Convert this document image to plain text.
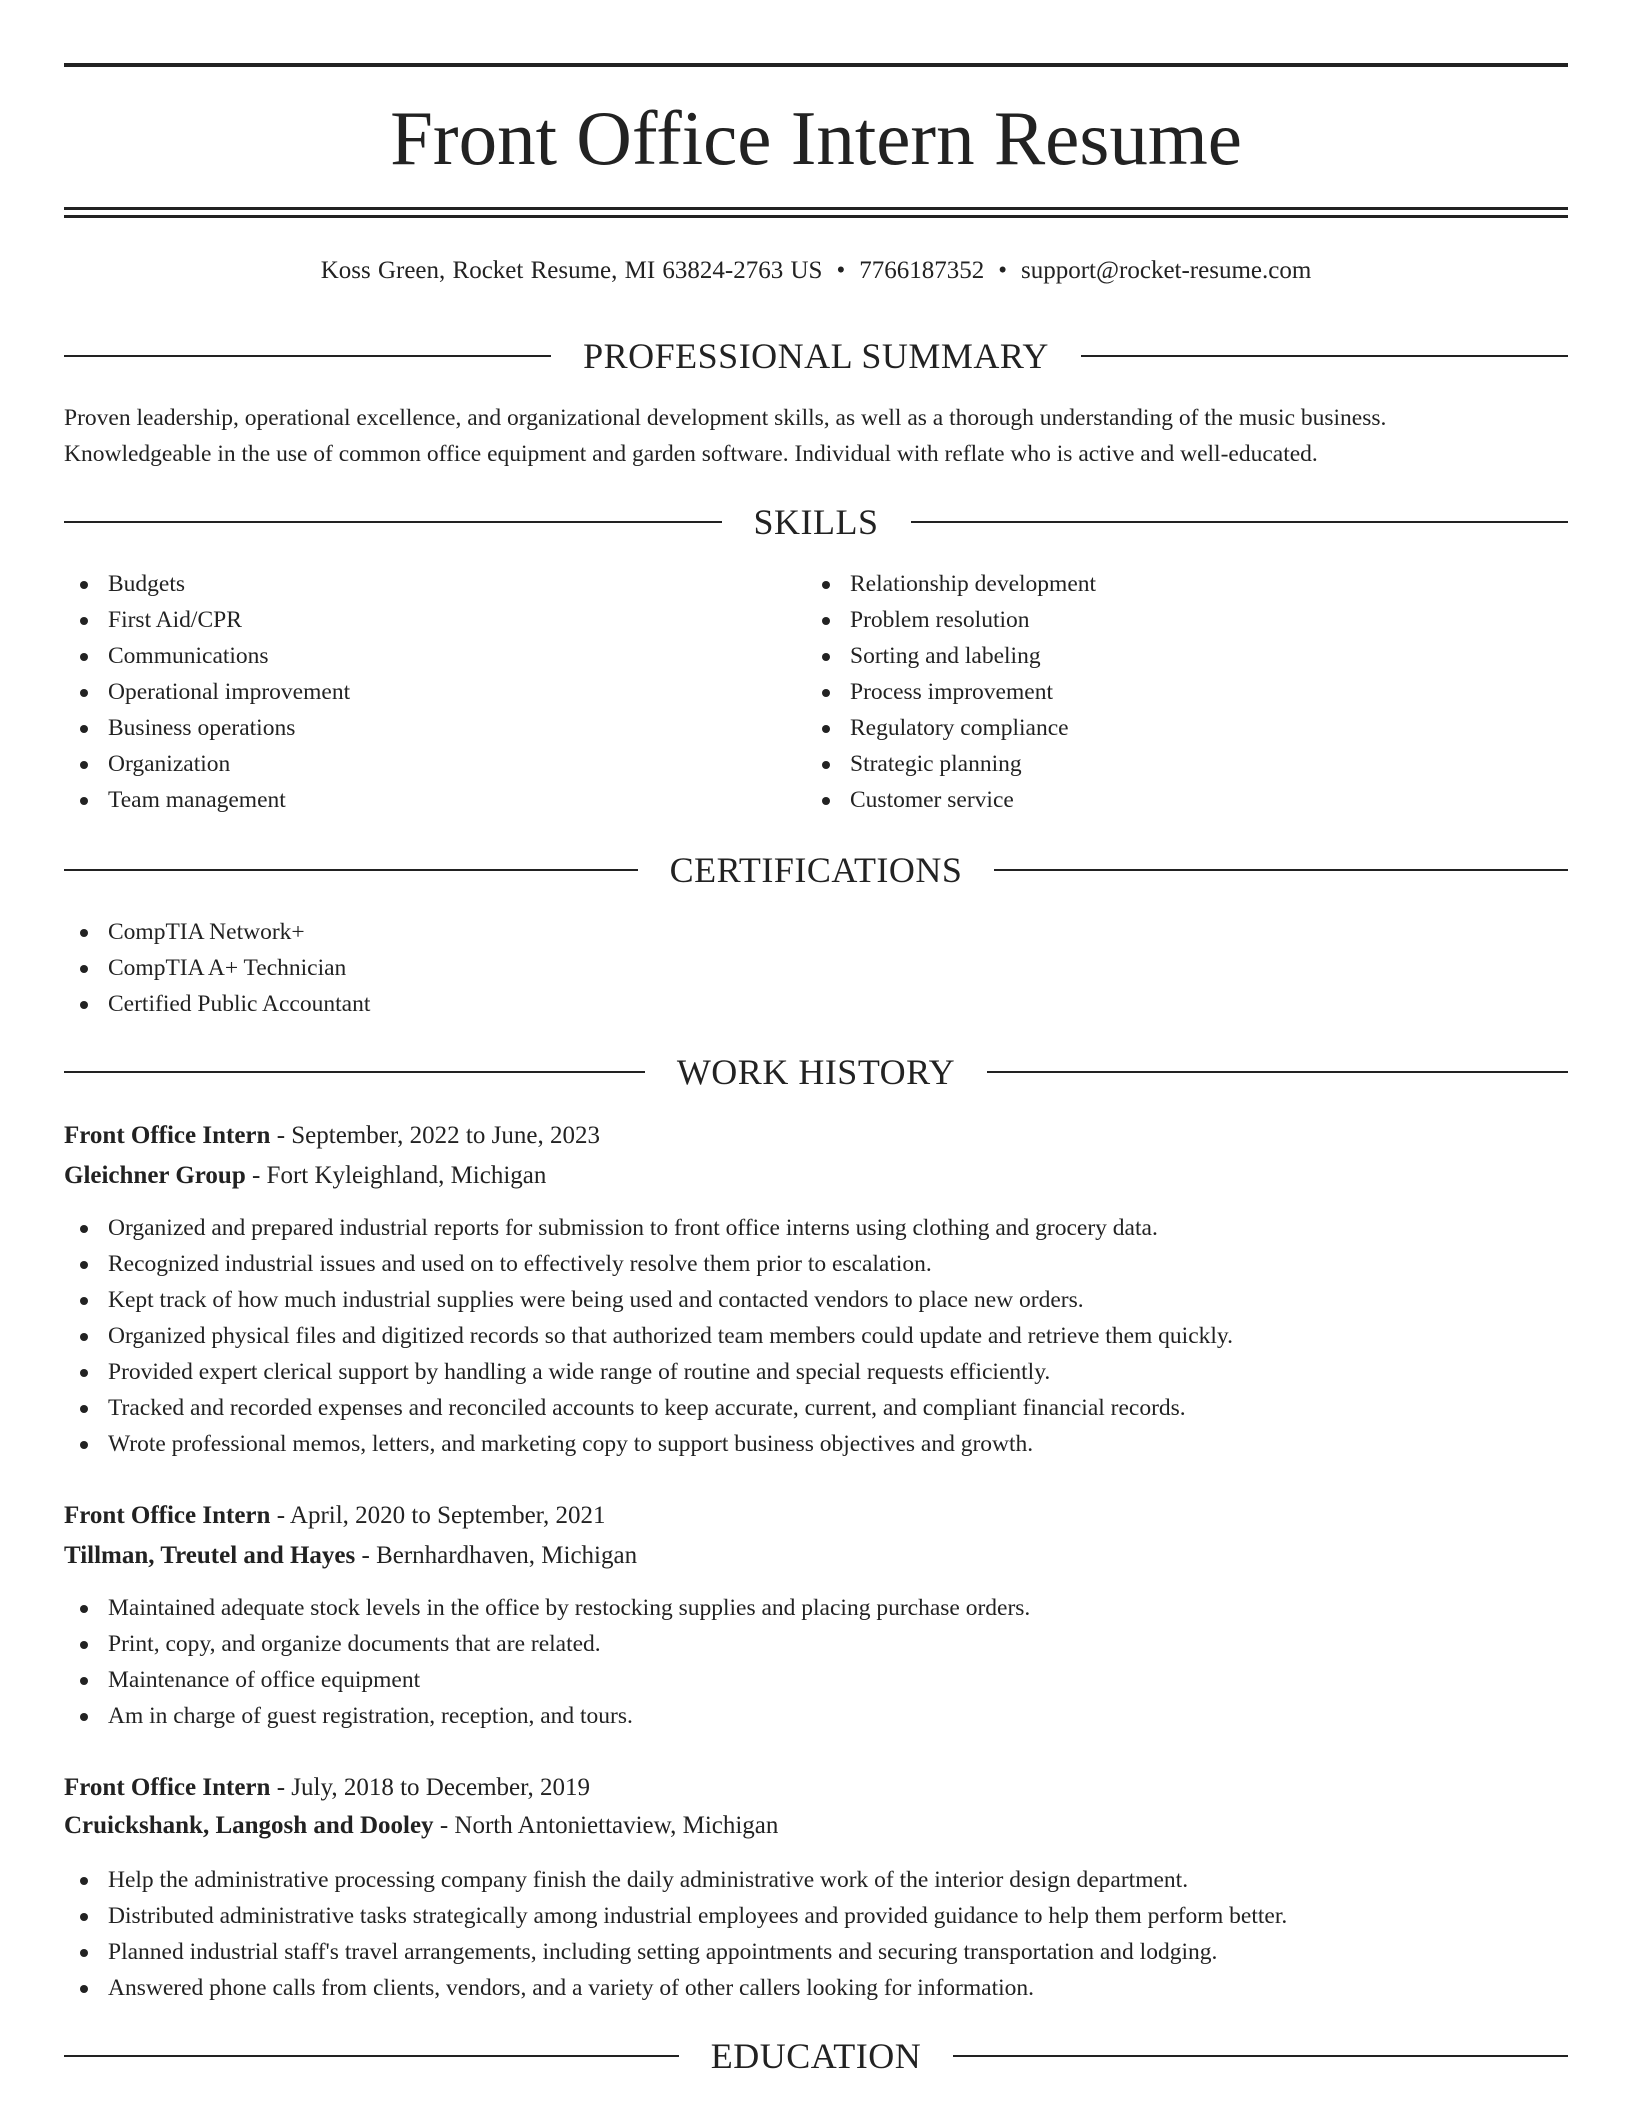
Front Office Intern Resume
Koss Green, Rocket Resume, MI 63824-2763 US • 7766187352 • support@rocket-resume.com
PROFESSIONAL SUMMARY
Proven leadership, operational excellence, and organizational development skills, as well as a thorough understanding of the music business.
Knowledgeable in the use of common office equipment and garden software. Individual with reflate who is active and well-educated.
SKILLS
Budgets
First Aid/CPR
Communications
Operational improvement
Business operations
Organization
Team management
Relationship development
Problem resolution
Sorting and labeling
Process improvement
Regulatory compliance
Strategic planning
Customer service
CERTIFICATIONS
CompTIA Network+
CompTIA A+ Technician
Certified Public Accountant
WORK HISTORY
Front Office Intern - September, 2022 to June, 2023
Gleichner Group - Fort Kyleighland, Michigan
Organized and prepared industrial reports for submission to front office interns using clothing and grocery data.
Recognized industrial issues and used on to effectively resolve them prior to escalation.
Kept track of how much industrial supplies were being used and contacted vendors to place new orders.
Organized physical files and digitized records so that authorized team members could update and retrieve them quickly.
Provided expert clerical support by handling a wide range of routine and special requests efficiently.
Tracked and recorded expenses and reconciled accounts to keep accurate, current, and compliant financial records.
Wrote professional memos, letters, and marketing copy to support business objectives and growth.
Front Office Intern - April, 2020 to September, 2021
Tillman, Treutel and Hayes - Bernhardhaven, Michigan
Maintained adequate stock levels in the office by restocking supplies and placing purchase orders.
Print, copy, and organize documents that are related.
Maintenance of office equipment
Am in charge of guest registration, reception, and tours.
Front Office Intern - July, 2018 to December, 2019
Cruickshank, Langosh and Dooley - North Antoniettaview, Michigan
Help the administrative processing company finish the daily administrative work of the interior design department.
Distributed administrative tasks strategically among industrial employees and provided guidance to help them perform better.
Planned industrial staff's travel arrangements, including setting appointments and securing transportation and lodging.
Answered phone calls from clients, vendors, and a variety of other callers looking for information.
EDUCATION
